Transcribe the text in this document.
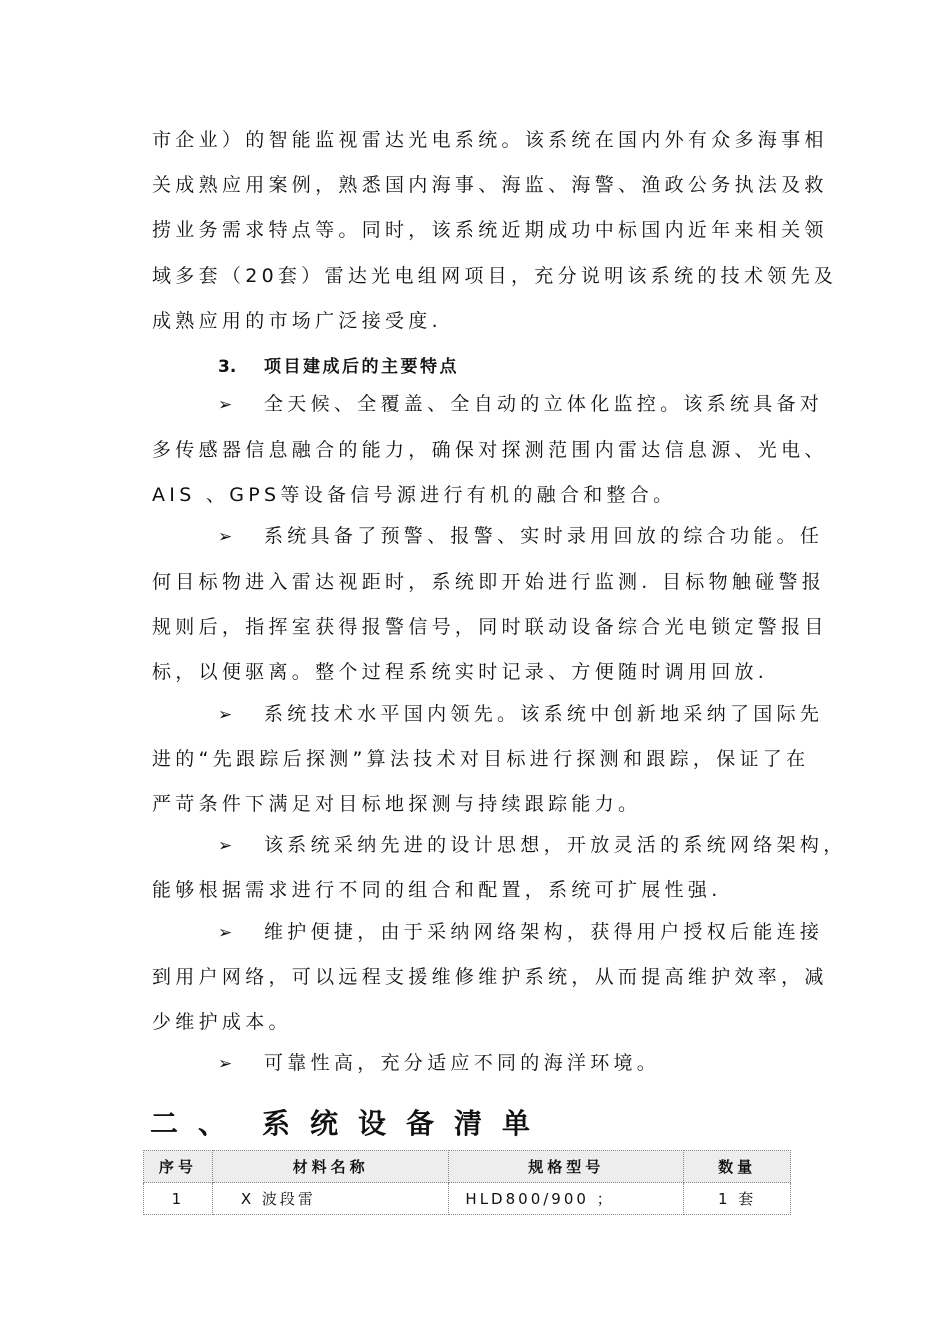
市企业）的智能监视雷达光电系统。该系统在国内外有众多海事相
关成熟应用案例，熟悉国内海事、海监、海警、渔政公务执法及救
捞业务需求特点等。同时，该系统近期成功中标国内近年来相关领
域多套（20套）雷达光电组网项目，充分说明该系统的技术领先及
成熟应用的市场广泛接受度.
3. 项目建成后的主要特点
➢ 全天候、全覆盖、全自动的立体化监控。该系统具备对
多传感器信息融合的能力，确保对探测范围内雷达信息源、光电、
AIS 、GPS等设备信号源进行有机的融合和整合。
➢ 系统具备了预警、报警、实时录用回放的综合功能。任
何目标物进入雷达视距时，系统即开始进行监测. 目标物触碰警报
规则后，指挥室获得报警信号，同时联动设备综合光电锁定警报目
标，以便驱离。整个过程系统实时记录、方便随时调用回放.
➢ 系统技术水平国内领先。该系统中创新地采纳了国际先
进的“先跟踪后探测”算法技术对目标进行探测和跟踪，保证了在
严苛条件下满足对目标地探测与持续跟踪能力。
➢ 该系统采纳先进的设计思想，开放灵活的系统网络架构，
能够根据需求进行不同的组合和配置，系统可扩展性强.
➢ 维护便捷，由于采纳网络架构，获得用户授权后能连接
到用户网络，可以远程支援维修维护系统，从而提高维护效率，减
少维护成本。
➢ 可靠性高，充分适应不同的海洋环境。
二、 系统设备清单
序号	材料名称	规格型号	数量
1	X 波段雷	HLD800/900 ；	1 套
